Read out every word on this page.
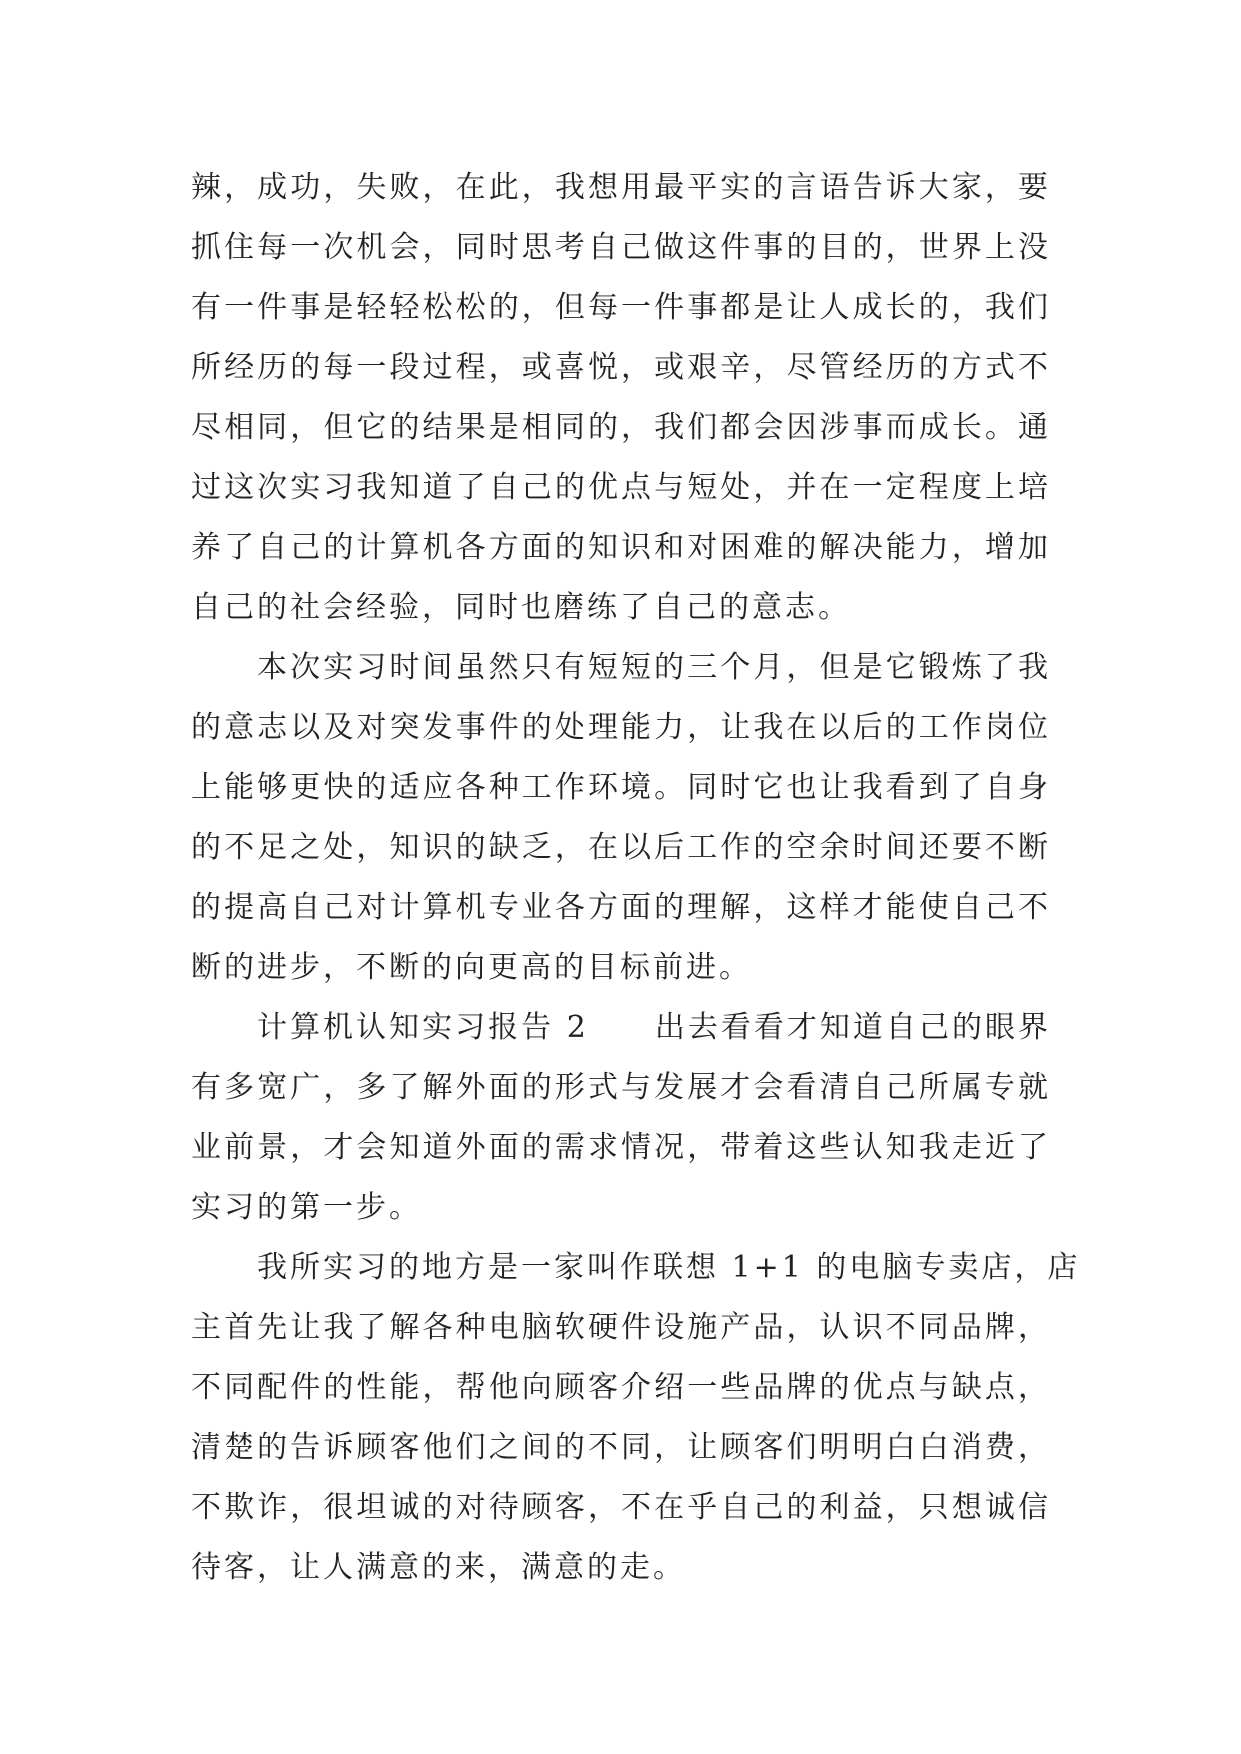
辣，成功，失败，在此，我想用最平实的言语告诉大家，要
抓住每一次机会，同时思考自己做这件事的目的，世界上没
有一件事是轻轻松松的，但每一件事都是让人成长的，我们
所经历的每一段过程，或喜悦，或艰辛，尽管经历的方式不
尽相同，但它的结果是相同的，我们都会因涉事而成长。通
过这次实习我知道了自己的优点与短处，并在一定程度上培
养了自己的计算机各方面的知识和对困难的解决能力，增加
自己的社会经验，同时也磨练了自己的意志。
本次实习时间虽然只有短短的三个月，但是它锻炼了我
的意志以及对突发事件的处理能力，让我在以后的工作岗位
上能够更快的适应各种工作环境。同时它也让我看到了自身
的不足之处，知识的缺乏，在以后工作的空余时间还要不断
的提高自己对计算机专业各方面的理解，这样才能使自己不
断的进步，不断的向更高的目标前进。
计算机认知实习报告 2　　出去看看才知道自己的眼界
有多宽广，多了解外面的形式与发展才会看清自己所属专就
业前景，才会知道外面的需求情况，带着这些认知我走近了
实习的第一步。
我所实习的地方是一家叫作联想 1+1 的电脑专卖店，店
主首先让我了解各种电脑软硬件设施产品，认识不同品牌，
不同配件的性能，帮他向顾客介绍一些品牌的优点与缺点，
清楚的告诉顾客他们之间的不同，让顾客们明明白白消费，
不欺诈，很坦诚的对待顾客，不在乎自己的利益，只想诚信
待客，让人满意的来，满意的走。
